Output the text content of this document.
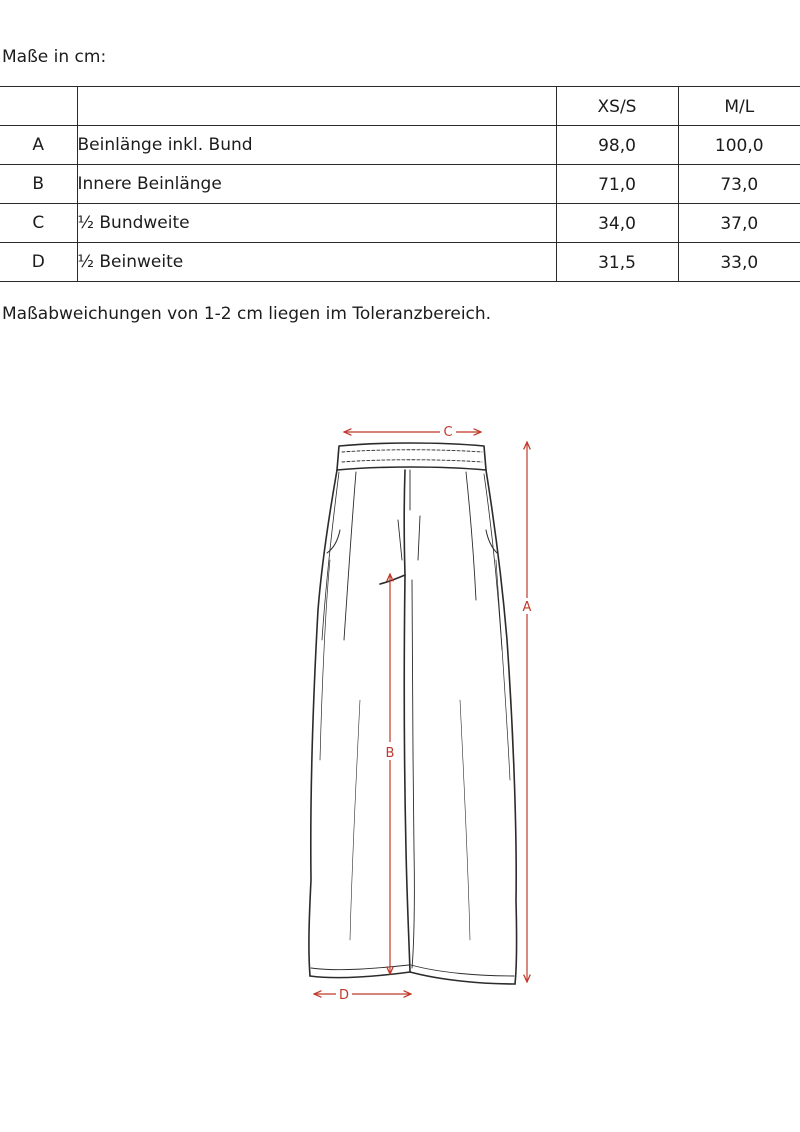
Maße in cm:
		XS/S	M/L
A	Beinlänge inkl. Bund	98,0	100,0
B	Innere Beinlänge	71,0	73,0
C	½ Bundweite	34,0	37,0
D	½ Beinweite	31,5	33,0
Maßabweichungen von 1-2 cm liegen im Toleranzbereich.
C
A
B
D
